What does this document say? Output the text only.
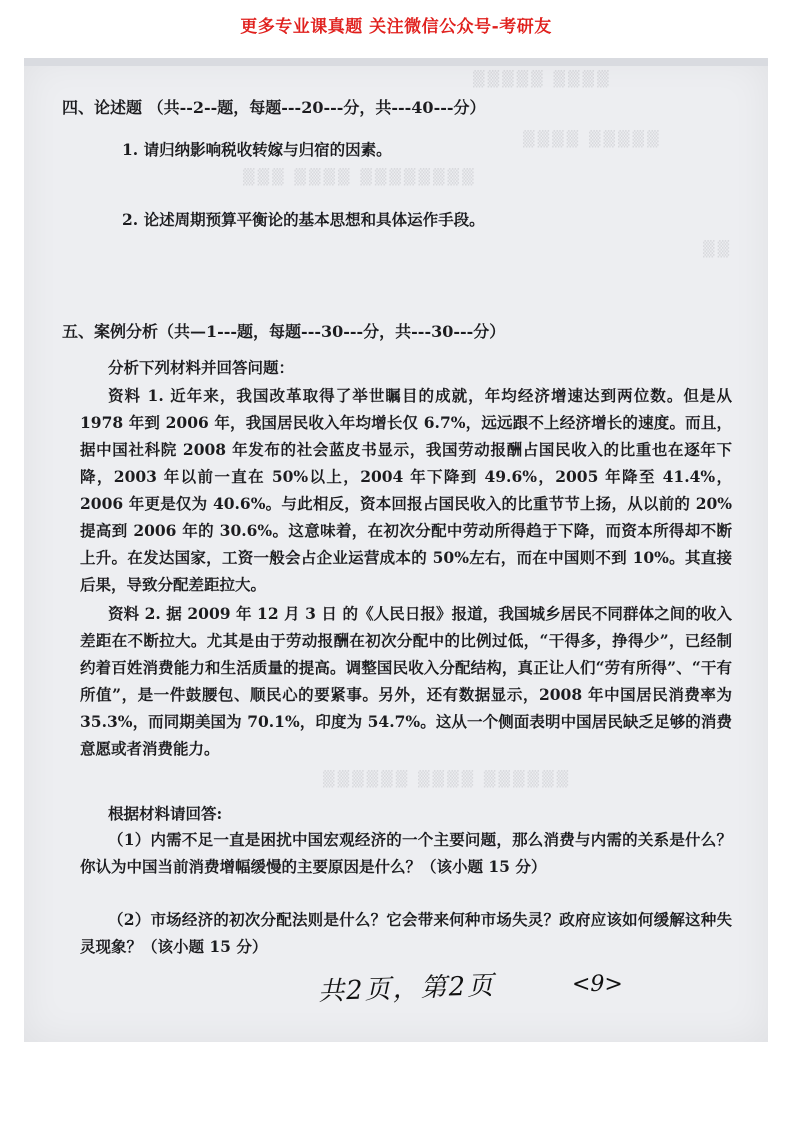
更多专业课真题 关注微信公众号-考研友
▒▒▒▒ ▒▒▒▒▒
▒▒▒▒▒ ▒▒▒▒
▒▒▒▒▒▒▒▒ ▒▒▒▒ ▒▒▒
▒▒
▒▒▒▒▒▒ ▒▒▒▒ ▒▒▒▒▒▒
四、论述题 （共--2--题，每题---20---分，共---40---分）
1. 请归纳影响税收转嫁与归宿的因素。
2. 论述周期预算平衡论的基本思想和具体运作手段。
五、案例分析（共—1---题，每题---30---分，共---30---分）
分析下列材料并回答问题：
资料 1. 近年来，我国改革取得了举世瞩目的成就，年均经济增速达到两位数。但是从 1978 年到 2006 年，我国居民收入年均增长仅 6.7%，远远跟不上经济增长的速度。而且，据中国社科院 2008 年发布的社会蓝皮书显示，我国劳动报酬占国民收入的比重也在逐年下降，2003 年以前一直在 50%以上，2004 年下降到 49.6%，2005 年降至 41.4%，2006 年更是仅为 40.6%。与此相反，资本回报占国民收入的比重节节上扬，从以前的 20%提高到 2006 年的 30.6%。这意味着，在初次分配中劳动所得趋于下降，而资本所得却不断上升。在发达国家，工资一般会占企业运营成本的 50%左右，而在中国则不到 10%。其直接后果，导致分配差距拉大。
资料 2. 据 2009 年 12 月 3 日 的《人民日报》报道，我国城乡居民不同群体之间的收入差距在不断拉大。尤其是由于劳动报酬在初次分配中的比例过低，“干得多，挣得少”，已经制约着百姓消费能力和生活质量的提高。调整国民收入分配结构，真正让人们“劳有所得”、“干有所值”，是一件鼓腰包、顺民心的要紧事。另外，还有数据显示，2008 年中国居民消费率为 35.3%，而同期美国为 70.1%，印度为 54.7%。这从一个侧面表明中国居民缺乏足够的消费意愿或者消费能力。
根据材料请回答:
（1）内需不足一直是困扰中国宏观经济的一个主要问题，那么消费与内需的关系是什么？你认为中国当前消费增幅缓慢的主要原因是什么？（该小题 15 分）
（2）市场经济的初次分配法则是什么？它会带来何种市场失灵？政府应该如何缓解这种失灵现象？（该小题 15 分）
共2页，第2页	<9>
